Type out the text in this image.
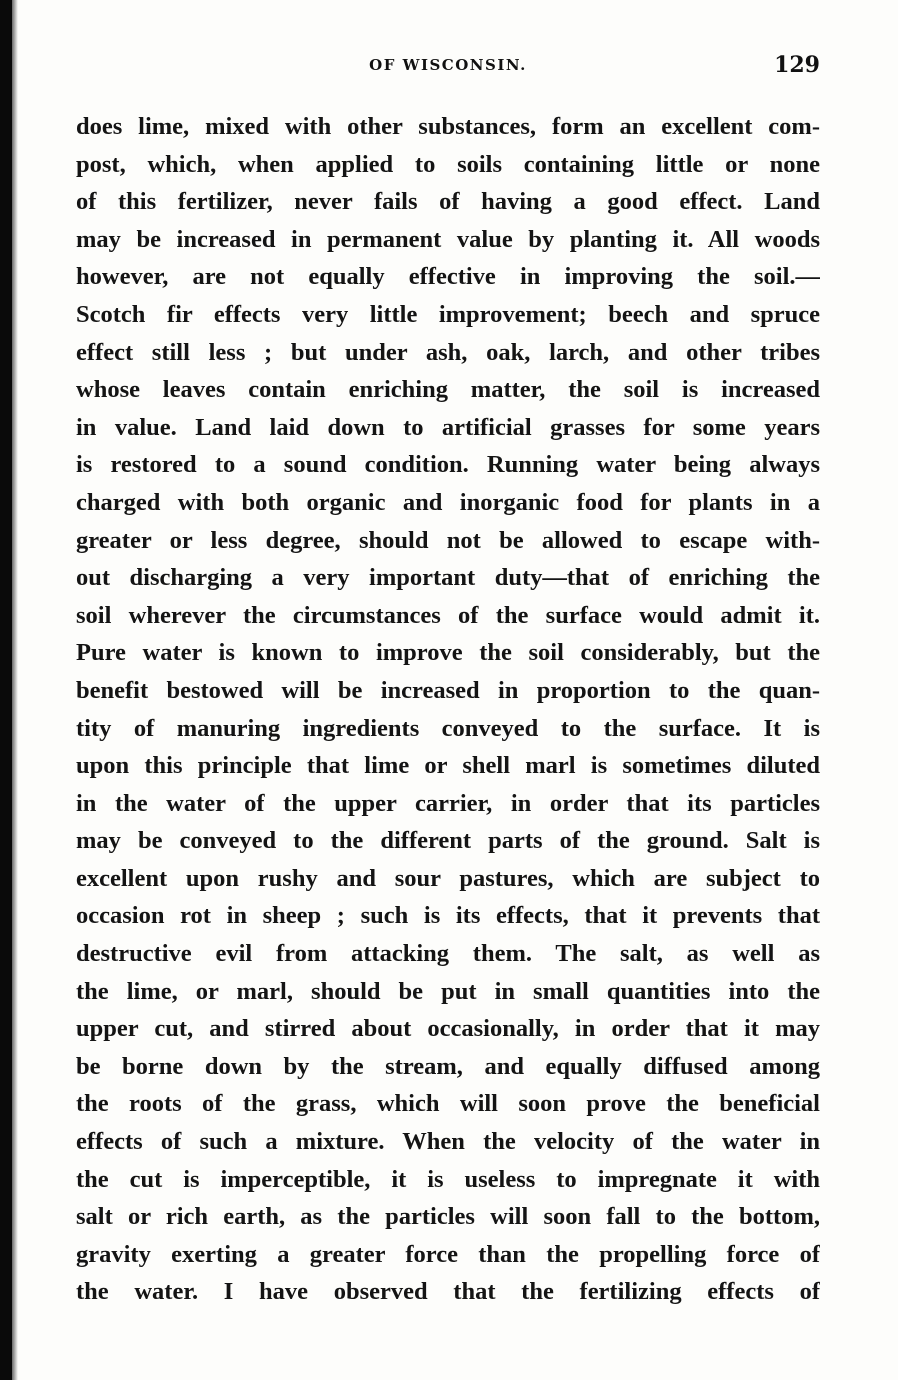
OF WISCONSIN.	129
does lime, mixed with other substances, form an excellent com-
post, which, when applied to soils containing little or none
of this fertilizer, never fails of having a good effect. Land
may be increased in permanent value by planting it. All woods
however, are not equally effective in improving the soil.—
Scotch fir effects very little improvement; beech and spruce
effect still less ; but under ash, oak, larch, and other tribes
whose leaves contain enriching matter, the soil is increased
in value. Land laid down to artificial grasses for some years
is restored to a sound condition. Running water being always
charged with both organic and inorganic food for plants in a
greater or less degree, should not be allowed to escape with-
out discharging a very important duty—that of enriching the
soil wherever the circumstances of the surface would admit it.
Pure water is known to improve the soil considerably, but the
benefit bestowed will be increased in proportion to the quan-
tity of manuring ingredients conveyed to the surface. It is
upon this principle that lime or shell marl is sometimes diluted
in the water of the upper carrier, in order that its particles
may be conveyed to the different parts of the ground. Salt is
excellent upon rushy and sour pastures, which are subject to
occasion rot in sheep ; such is its effects, that it prevents that
destructive evil from attacking them. The salt, as well as
the lime, or marl, should be put in small quantities into the
upper cut, and stirred about occasionally, in order that it may
be borne down by the stream, and equally diffused among
the roots of the grass, which will soon prove the beneficial
effects of such a mixture. When the velocity of the water in
the cut is imperceptible, it is useless to impregnate it with
salt or rich earth, as the particles will soon fall to the bottom,
gravity exerting a greater force than the propelling force of
the water. I have observed that the fertilizing effects of
